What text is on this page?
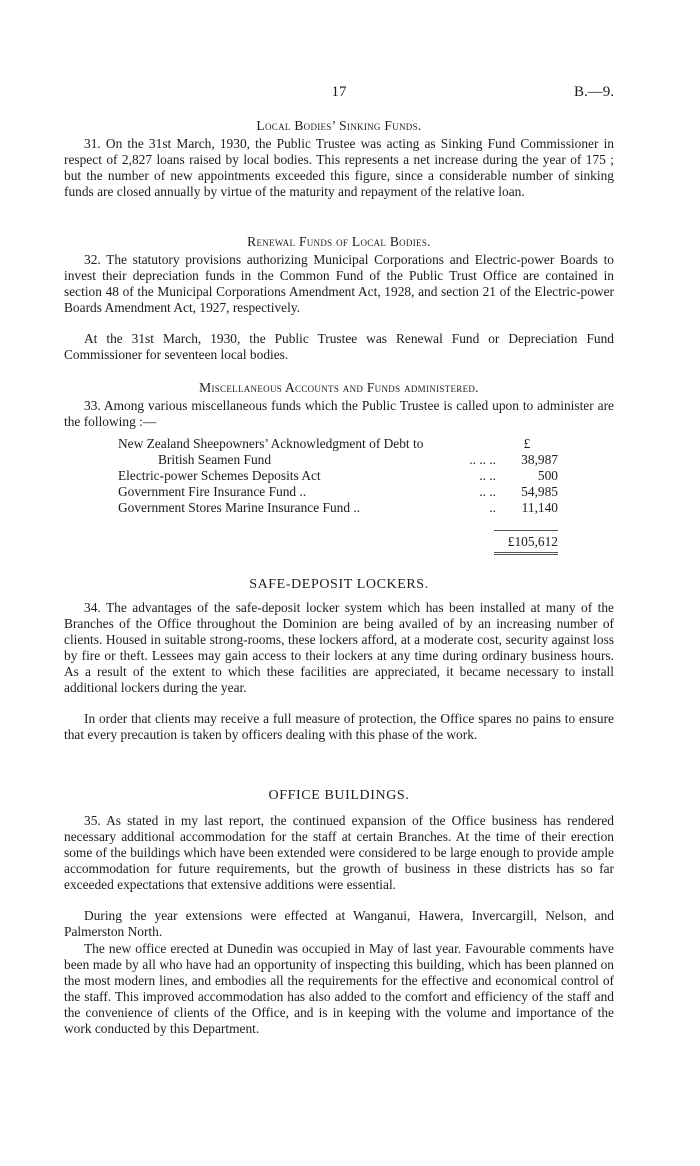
17	B.—9.
Local Bodies’ Sinking Funds.

31. On the 31st March, 1930, the Public Trustee was acting as Sinking Fund Commissioner in respect of 2,827 loans raised by local bodies. This represents a net increase during the year of 175 ; but the number of new appointments exceeded this figure, since a considerable number of sinking funds are closed annually by virtue of the maturity and repayment of the relative loan.

Renewal Funds of Local Bodies.

32. The statutory provisions authorizing Municipal Corporations and Electric-power Boards to invest their depreciation funds in the Common Fund of the Public Trust Office are contained in section 48 of the Municipal Corporations Amendment Act, 1928, and section 21 of the Electric-power Boards Amendment Act, 1927, respectively.

At the 31st March, 1930, the Public Trustee was Renewal Fund or Depreciation Fund Commissioner for seventeen local bodies.

Miscellaneous Accounts and Funds administered.

33. Among various miscellaneous funds which the Public Trustee is called upon to administer are the following :—

New Zealand Sheepowners’ Acknowledgment of Debt to		£
British Seamen Fund	.. .. ..	38,987
Electric-power Schemes Deposits Act	.. ..	500
Government Fire Insurance Fund ..	.. ..	54,985
Government Stores Marine Insurance Fund ..	..	11,140
£105,612
SAFE-DEPOSIT LOCKERS.

34. The advantages of the safe-deposit locker system which has been installed at many of the Branches of the Office throughout the Dominion are being availed of by an increasing number of clients. Housed in suitable strong-rooms, these lockers afford, at a moderate cost, security against loss by fire or theft. Lessees may gain access to their lockers at any time during ordinary business hours. As a result of the extent to which these facilities are appreciated, it became necessary to install additional lockers during the year.

In order that clients may receive a full measure of protection, the Office spares no pains to ensure that every precaution is taken by officers dealing with this phase of the work.

OFFICE BUILDINGS.

35. As stated in my last report, the continued expansion of the Office business has rendered necessary additional accommodation for the staff at certain Branches. At the time of their erection some of the buildings which have been extended were considered to be large enough to provide ample accommodation for future requirements, but the growth of business in these districts has so far exceeded expectations that extensive additions were essential.

During the year extensions were effected at Wanganui, Hawera, Invercargill, Nelson, and Palmerston North.

The new office erected at Dunedin was occupied in May of last year. Favourable comments have been made by all who have had an opportunity of inspecting this building, which has been planned on the most modern lines, and embodies all the requirements for the effective and economical control of the staff. This improved accommodation has also added to the comfort and efficiency of the staff and the convenience of clients of the Office, and is in keeping with the volume and importance of the work conducted by this Department.
